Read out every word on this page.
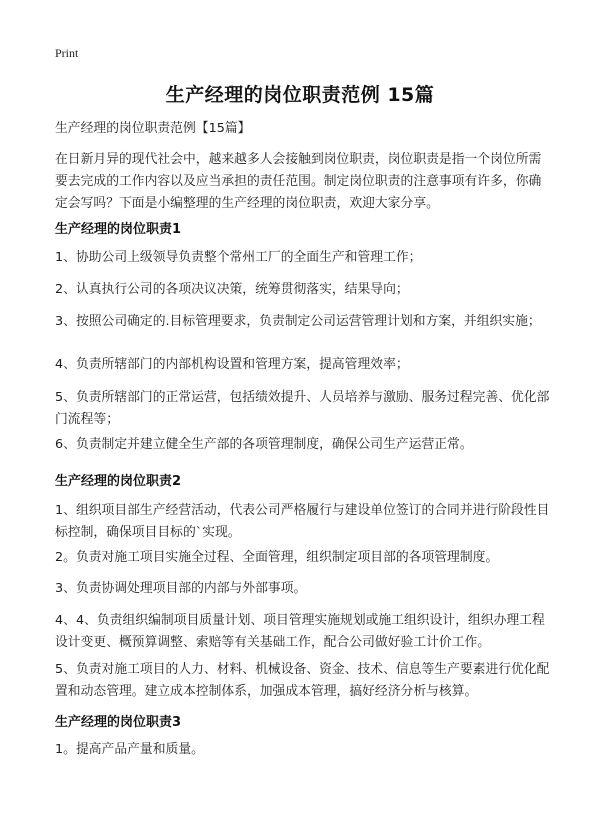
Print
生产经理的岗位职责范例 15篇
生产经理的岗位职责范例【15篇】
在日新月异的现代社会中，越来越多人会接触到岗位职责，岗位职责是指一个岗位所需要去完成的工作内容以及应当承担的责任范围。制定岗位职责的注意事项有许多，你确定会写吗？下面是小编整理的生产经理的岗位职责，欢迎大家分享。
生产经理的岗位职责1
1、协助公司上级领导负责整个常州工厂的全面生产和管理工作；
2、认真执行公司的各项决议决策，统筹贯彻落实，结果导向；
3、按照公司确定的.目标管理要求，负责制定公司运营管理计划和方案，并组织实施；
4、负责所辖部门的内部机构设置和管理方案，提高管理效率；
5、负责所辖部门的正常运营，包括绩效提升、人员培养与激励、服务过程完善、优化部门流程等；
6、负责制定并建立健全生产部的各项管理制度，确保公司生产运营正常。
生产经理的岗位职责2
1、组织项目部生产经营活动，代表公司严格履行与建设单位签订的合同并进行阶段性目标控制，确保项目目标的`实现。
2。负责对施工项目实施全过程、全面管理，组织制定项目部的各项管理制度。
3、负责协调处理项目部的内部与外部事项。
4、4、负责组织编制项目质量计划、项目管理实施规划或施工组织设计，组织办理工程设计变更、概预算调整、索赔等有关基础工作，配合公司做好验工计价工作。
5、负责对施工项目的人力、材料、机械设备、资金、技术、信息等生产要素进行优化配置和动态管理。建立成本控制体系，加强成本管理，搞好经济分析与核算。
生产经理的岗位职责3
1。提高产品产量和质量。
